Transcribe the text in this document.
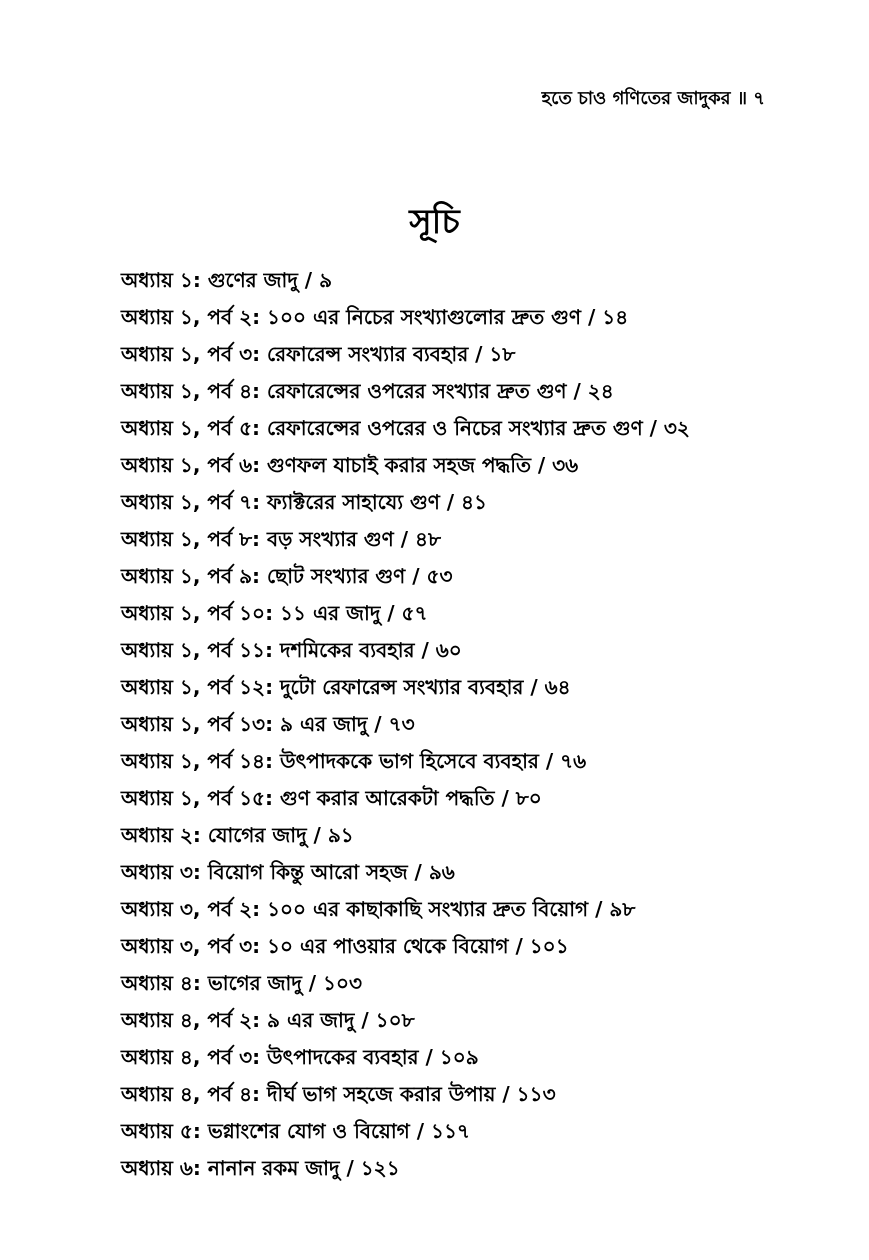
হতে চাও গণিতের জাদুকর ॥ ৭
সূচি
অধ্যায় ১: গুণের জাদু / ৯
অধ্যায় ১, পর্ব ২: ১০০ এর নিচের সংখ্যাগুলোর দ্রুত গুণ / ১৪
অধ্যায় ১, পর্ব ৩: রেফারেন্স সংখ্যার ব্যবহার / ১৮
অধ্যায় ১, পর্ব ৪: রেফারেন্সের ওপরের সংখ্যার দ্রুত গুণ / ২৪
অধ্যায় ১, পর্ব ৫: রেফারেন্সের ওপরের ও নিচের সংখ্যার দ্রুত গুণ / ৩২
অধ্যায় ১, পর্ব ৬: গুণফল যাচাই করার সহজ পদ্ধতি / ৩৬
অধ্যায় ১, পর্ব ৭: ফ্যাক্টরের সাহায্যে গুণ / ৪১
অধ্যায় ১, পর্ব ৮: বড় সংখ্যার গুণ / ৪৮
অধ্যায় ১, পর্ব ৯: ছোট সংখ্যার গুণ / ৫৩
অধ্যায় ১, পর্ব ১০: ১১ এর জাদু / ৫৭
অধ্যায় ১, পর্ব ১১: দশমিকের ব্যবহার / ৬০
অধ্যায় ১, পর্ব ১২: দুটো রেফারেন্স সংখ্যার ব্যবহার / ৬৪
অধ্যায় ১, পর্ব ১৩: ৯ এর জাদু / ৭৩
অধ্যায় ১, পর্ব ১৪: উৎপাদককে ভাগ হিসেবে ব্যবহার / ৭৬
অধ্যায় ১, পর্ব ১৫: গুণ করার আরেকটা পদ্ধতি / ৮০
অধ্যায় ২: যোগের জাদু / ৯১
অধ্যায় ৩: বিয়োগ কিন্তু আরো সহজ / ৯৬
অধ্যায় ৩, পর্ব ২: ১০০ এর কাছাকাছি সংখ্যার দ্রুত বিয়োগ / ৯৮
অধ্যায় ৩, পর্ব ৩: ১০ এর পাওয়ার থেকে বিয়োগ / ১০১
অধ্যায় ৪: ভাগের জাদু / ১০৩
অধ্যায় ৪, পর্ব ২: ৯ এর জাদু / ১০৮
অধ্যায় ৪, পর্ব ৩: উৎপাদকের ব্যবহার / ১০৯
অধ্যায় ৪, পর্ব ৪: দীর্ঘ ভাগ সহজে করার উপায় / ১১৩
অধ্যায় ৫: ভগ্নাংশের যোগ ও বিয়োগ / ১১৭
অধ্যায় ৬: নানান রকম জাদু / ১২১
